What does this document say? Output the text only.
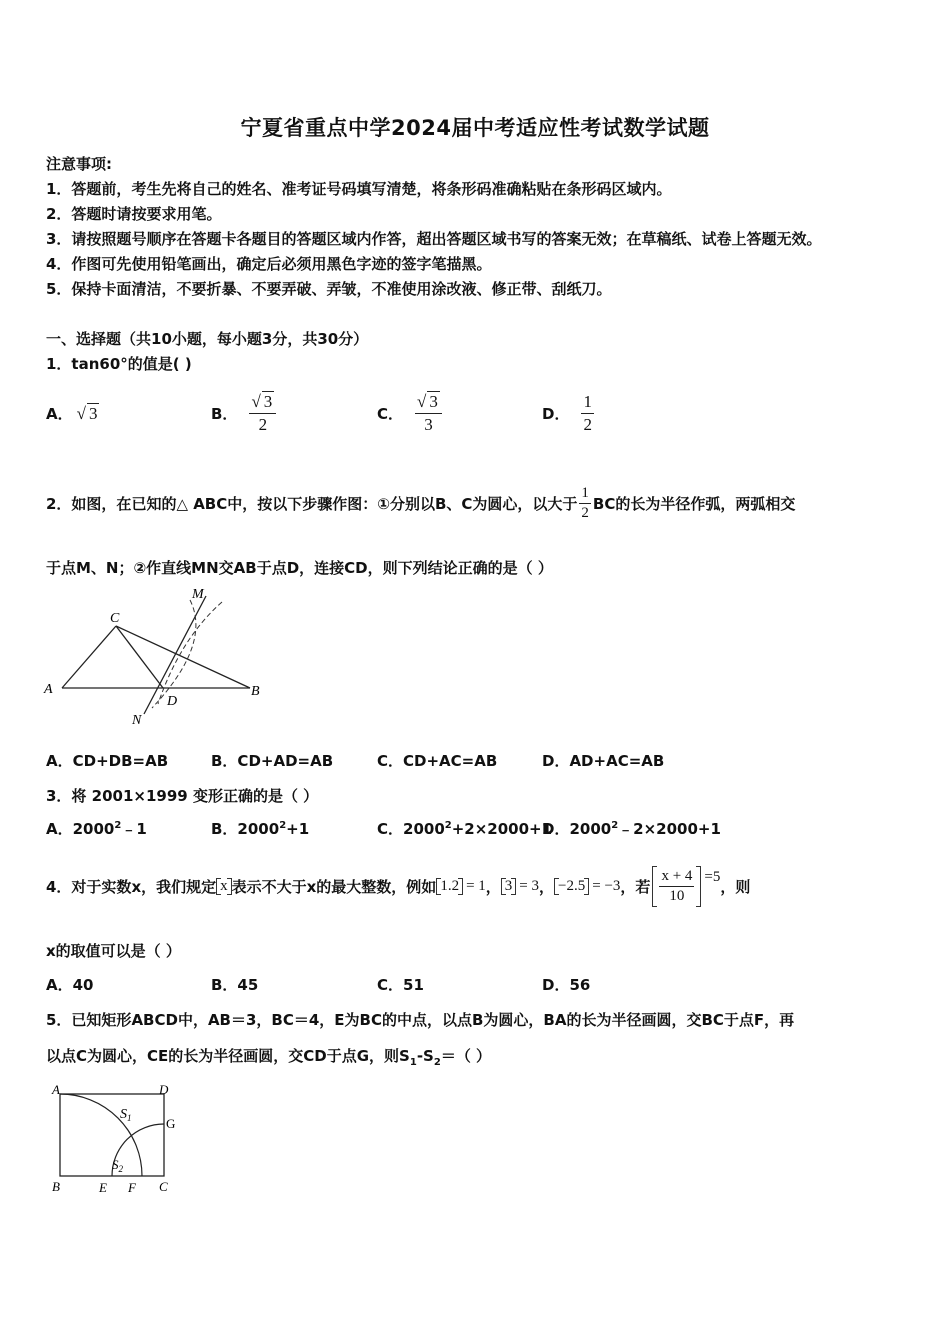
宁夏省重点中学2024届中考适应性考试数学试题
注意事项:
1．答题前，考生先将自己的姓名、准考证号码填写清楚，将条形码准确粘贴在条形码区域内。
2．答题时请按要求用笔。
3．请按照题号顺序在答题卡各题目的答题区域内作答，超出答题区域书写的答案无效；在草稿纸、试卷上答题无效。
4．作图可先使用铅笔画出，确定后必须用黑色字迹的签字笔描黑。
5．保持卡面清洁，不要折暴、不要弄破、弄皱，不准使用涂改液、修正带、刮纸刀。
一、选择题（共10小题，每小题3分，共30分）
1．tan60°的值是( )
A． √ 3	B． $\frac{√ 3}{2}$	C． $\frac{√ 3}{3}$	D． $\frac{1}{2}$
2．如图，在已知的△ ABC中，按以下步骤作图：①分别以B、C为圆心，以大于 $\frac{1}{2}$ BC的长为半径作弧，两弧相交
于点M、N；②作直线MN交AB于点D，连接CD，则下列结论正确的是（ ）
A	B
C
D
M
N
A．CD+DB=AB	B．CD+AD=AB	C．CD+AC=AB	D．AD+AC=AB
3．将 2001×1999 变形正确的是（ ）
A．2000$^2$﹣1	B．$2000^2+1$	C．$2000^2+2\times 2000+1$
D．$2000^2﹣2\times 2000+1$
4．对于实数x，我们规定 x 表示不大于x的最大整数，例如 1.2 = 1 ， 3 = 3 ， −2.5 = −3 ，若 $\frac{x + 4}{10} =5$
，则
x的取值可以是（ ）
A．40	B．45	C．51	D．56
5．已知矩形ABCD中，AB＝3，BC＝4，E为BC的中点，以点B为圆心，BA的长为半径画圆，交BC于点F，再
以点C为圆心，CE的长为半径画圆，交CD于点G，则$S_1-S_2=$（ ）
A	D
G
B	E F C
$S_1$
$S_2$
